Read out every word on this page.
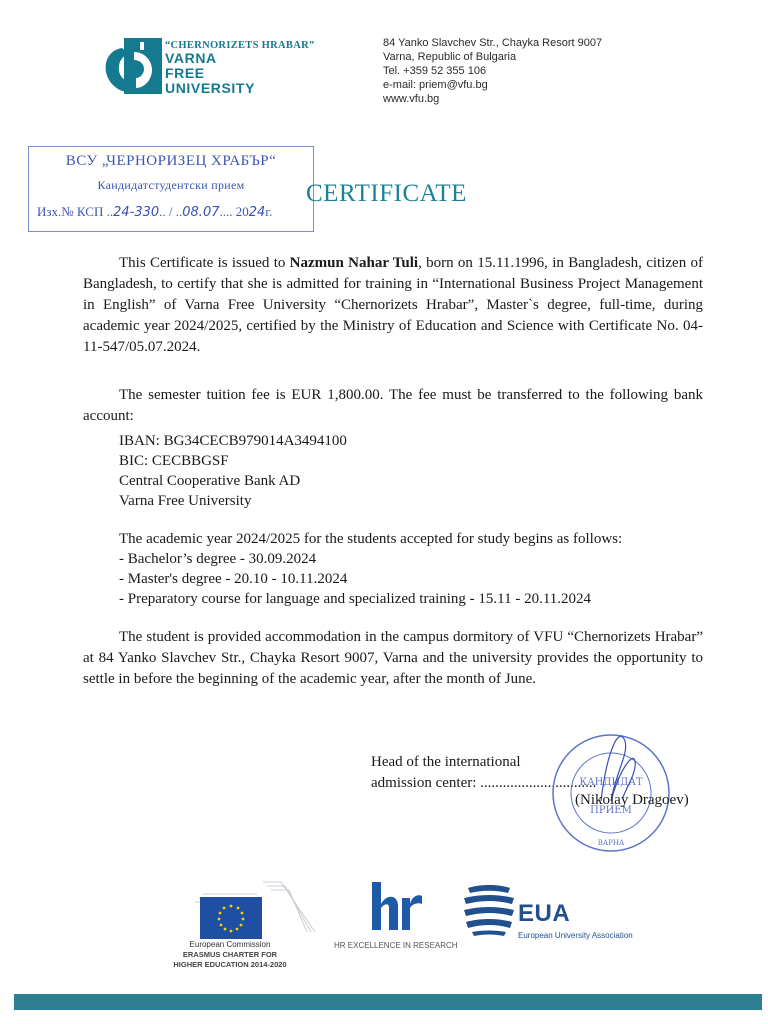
“CHERNORIZETS HRABAR”
VARNA
FREE
UNIVERSITY
84 Yanko Slavchev Str., Chayka Resort 9007
Varna, Republic of Bulgaria
Tel. +359 52 355 106
e-mail: priem@vfu.bg
www.vfu.bg
ВСУ „ЧЕРНОРИЗЕЦ ХРАБЪР“
Кандидатстудентски прием
Изх.№ КСП ..24-330.. / ..08.07.... 2024г.
CERTIFICATE
This Certificate is issued to Nazmun Nahar Tuli, born on 15.11.1996, in Bangladesh, citizen of Bangladesh, to certify that she is admitted for training in “International Business Project Management in English” of Varna Free University “Chernorizets Hrabar”, Master`s degree, full-time, during academic year 2024/2025, certified by the Ministry of Education and Science with Certificate No. 04-11-547/05.07.2024.
The semester tuition fee is EUR 1,800.00. The fee must be transferred to the following bank account:
IBAN: BG34CECB979014A3494100
BIC: CECBBGSF
Central Cooperative Bank AD
Varna Free University
The academic year 2024/2025 for the students accepted for study begins as follows:
- Bachelor’s degree - 30.09.2024
- Master's degree - 20.10 - 10.11.2024
- Preparatory course for language and specialized training - 15.11 - 20.11.2024
The student is provided accommodation in the campus dormitory of VFU “Chernorizets Hrabar” at 84 Yanko Slavchev Str., Chayka Resort 9007, Varna and the university provides the opportunity to settle in before the beginning of the academic year, after the month of June.
Head of the international
admission center: ...............................
КАНДИДАТ
ПРИЕМ
ВАРНА
(Nikolay Dragoev)
European Commission
ERASMUS CHARTER FOR
HIGHER EDUCATION 2014-2020
HR EXCELLENCE IN RESEARCH
EUA
European University Association
